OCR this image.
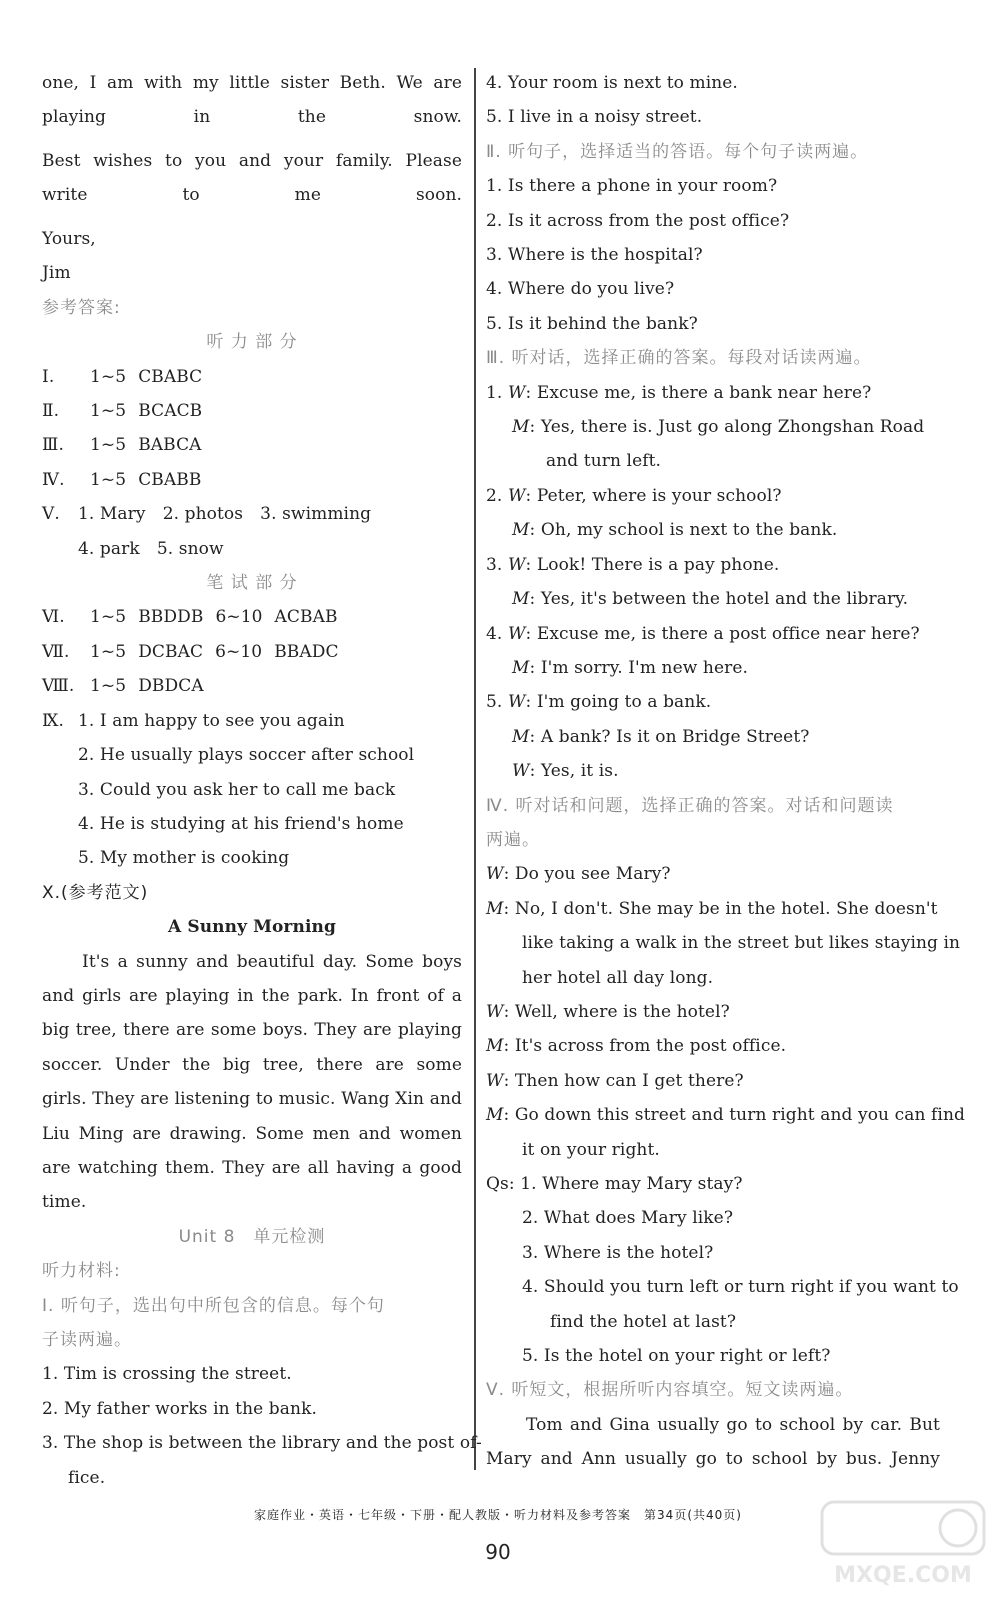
one, I am with my little sister Beth. We are playing in the snow.
Best wishes to you and your family. Please write to me soon.
Yours,
Jim
参考答案:
听 力 部 分
Ⅰ. 1~5 CBABC
Ⅱ. 1~5 BCACB
Ⅲ. 1~5 BABCA
Ⅳ. 1~5 CBABB
Ⅴ. 1. Mary　2. photos　3. swimming
4. park　5. snow
笔 试 部 分
Ⅵ. 1~5 BBDDB 6~10 ACBAB
Ⅶ. 1~5 DCBAC 6~10 BBADC
Ⅷ. 1~5 DBDCA
Ⅸ. 1. I am happy to see you again
2. He usually plays soccer after school
3. Could you ask her to call me back
4. He is studying at his friend's home
5. My mother is cooking
Ⅹ.(参考范文)
A Sunny Morning
It's a sunny and beautiful day. Some boys and girls are playing in the park. In front of a big tree, there are some boys. They are playing soccer. Under the big tree, there are some girls. They are listening to music. Wang Xin and Liu Ming are drawing. Some men and women are watching them. They are all having a good time.
Unit 8　单元检测
听力材料:
Ⅰ. 听句子，选出句中所包含的信息。每个句
子读两遍。
1. Tim is crossing the street.
2. My father works in the bank.
3. The shop is between the library and the post of-
fice.
4. Your room is next to mine.
5. I live in a noisy street.
Ⅱ. 听句子，选择适当的答语。每个句子读两遍。
1. Is there a phone in your room?
2. Is it across from the post office?
3. Where is the hospital?
4. Where do you live?
5. Is it behind the bank?
Ⅲ. 听对话，选择正确的答案。每段对话读两遍。
1. W: Excuse me, is there a bank near here?
M: Yes, there is. Just go along Zhongshan Road
and turn left.
2. W: Peter, where is your school?
M: Oh, my school is next to the bank.
3. W: Look! There is a pay phone.
M: Yes, it's between the hotel and the library.
4. W: Excuse me, is there a post office near here?
M: I'm sorry. I'm new here.
5. W: I'm going to a bank.
M: A bank? Is it on Bridge Street?
W: Yes, it is.
Ⅳ. 听对话和问题，选择正确的答案。对话和问题读
两遍。
W: Do you see Mary?
M: No, I don't. She may be in the hotel. She doesn't
like taking a walk in the street but likes staying in
her hotel all day long.
W: Well, where is the hotel?
M: It's across from the post office.
W: Then how can I get there?
M: Go down this street and turn right and you can find
it on your right.
Qs: 1. Where may Mary stay?
2. What does Mary like?
3. Where is the hotel?
4. Should you turn left or turn right if you want to
find the hotel at last?
5. Is the hotel on your right or left?
Ⅴ. 听短文，根据所听内容填空。短文读两遍。
Tom and Gina usually go to school by car. But Mary and Ann usually go to school by bus. Jenny
家庭作业・英语・七年级・下册・配人教版・听力材料及参考答案　第34页(共40页)
90
MXQE.COM
